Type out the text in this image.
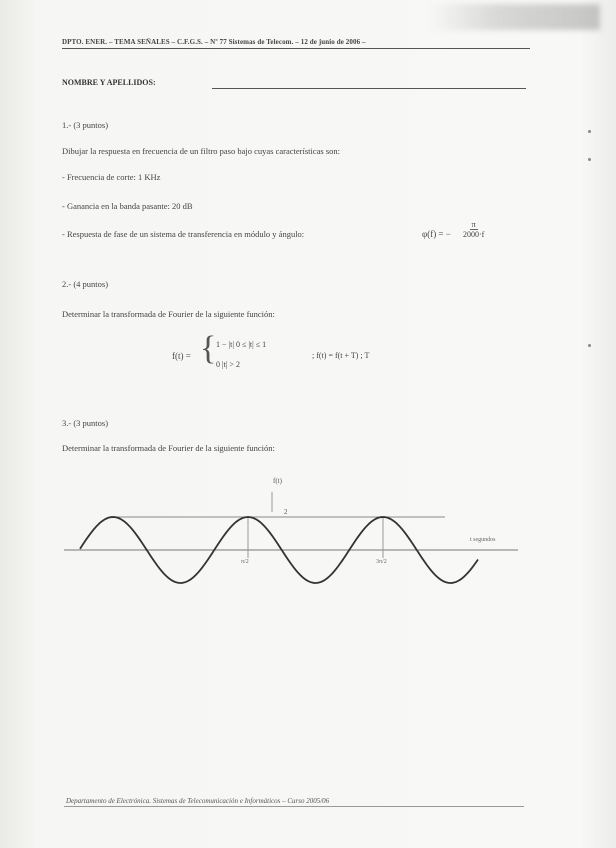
DPTO. ENER. – TEMA SEÑALES – C.F.G.S. – Nº 77 Sistemas de Telecom. – 12 de junio de 2006 –
NOMBRE Y APELLIDOS:
1.- (3 puntos)
Dibujar la respuesta en frecuencia de un filtro paso bajo cuyas características son:
- Frecuencia de corte: 1 KHz
- Ganancia en la banda pasante: 20 dB
- Respuesta de fase de un sistema de transferencia en módulo y ángulo:	φ(f) = − $\frac{\pi}{2000\cdot f}$
2.- (4 puntos)
Determinar la transformada de Fourier de la siguiente función:
f(t) = { 1 − |t| 0 ≤ |t| ≤ 1
0 |t| > 2
; f(t) = f(t + T) ; T
3.- (3 puntos)
Determinar la transformada de Fourier de la siguiente función:
f(t)
2
π/2	3π/2
t segundos
Departamento de Electrónica. Sistemas de Telecomunicación e Informáticos – Curso 2005/06
